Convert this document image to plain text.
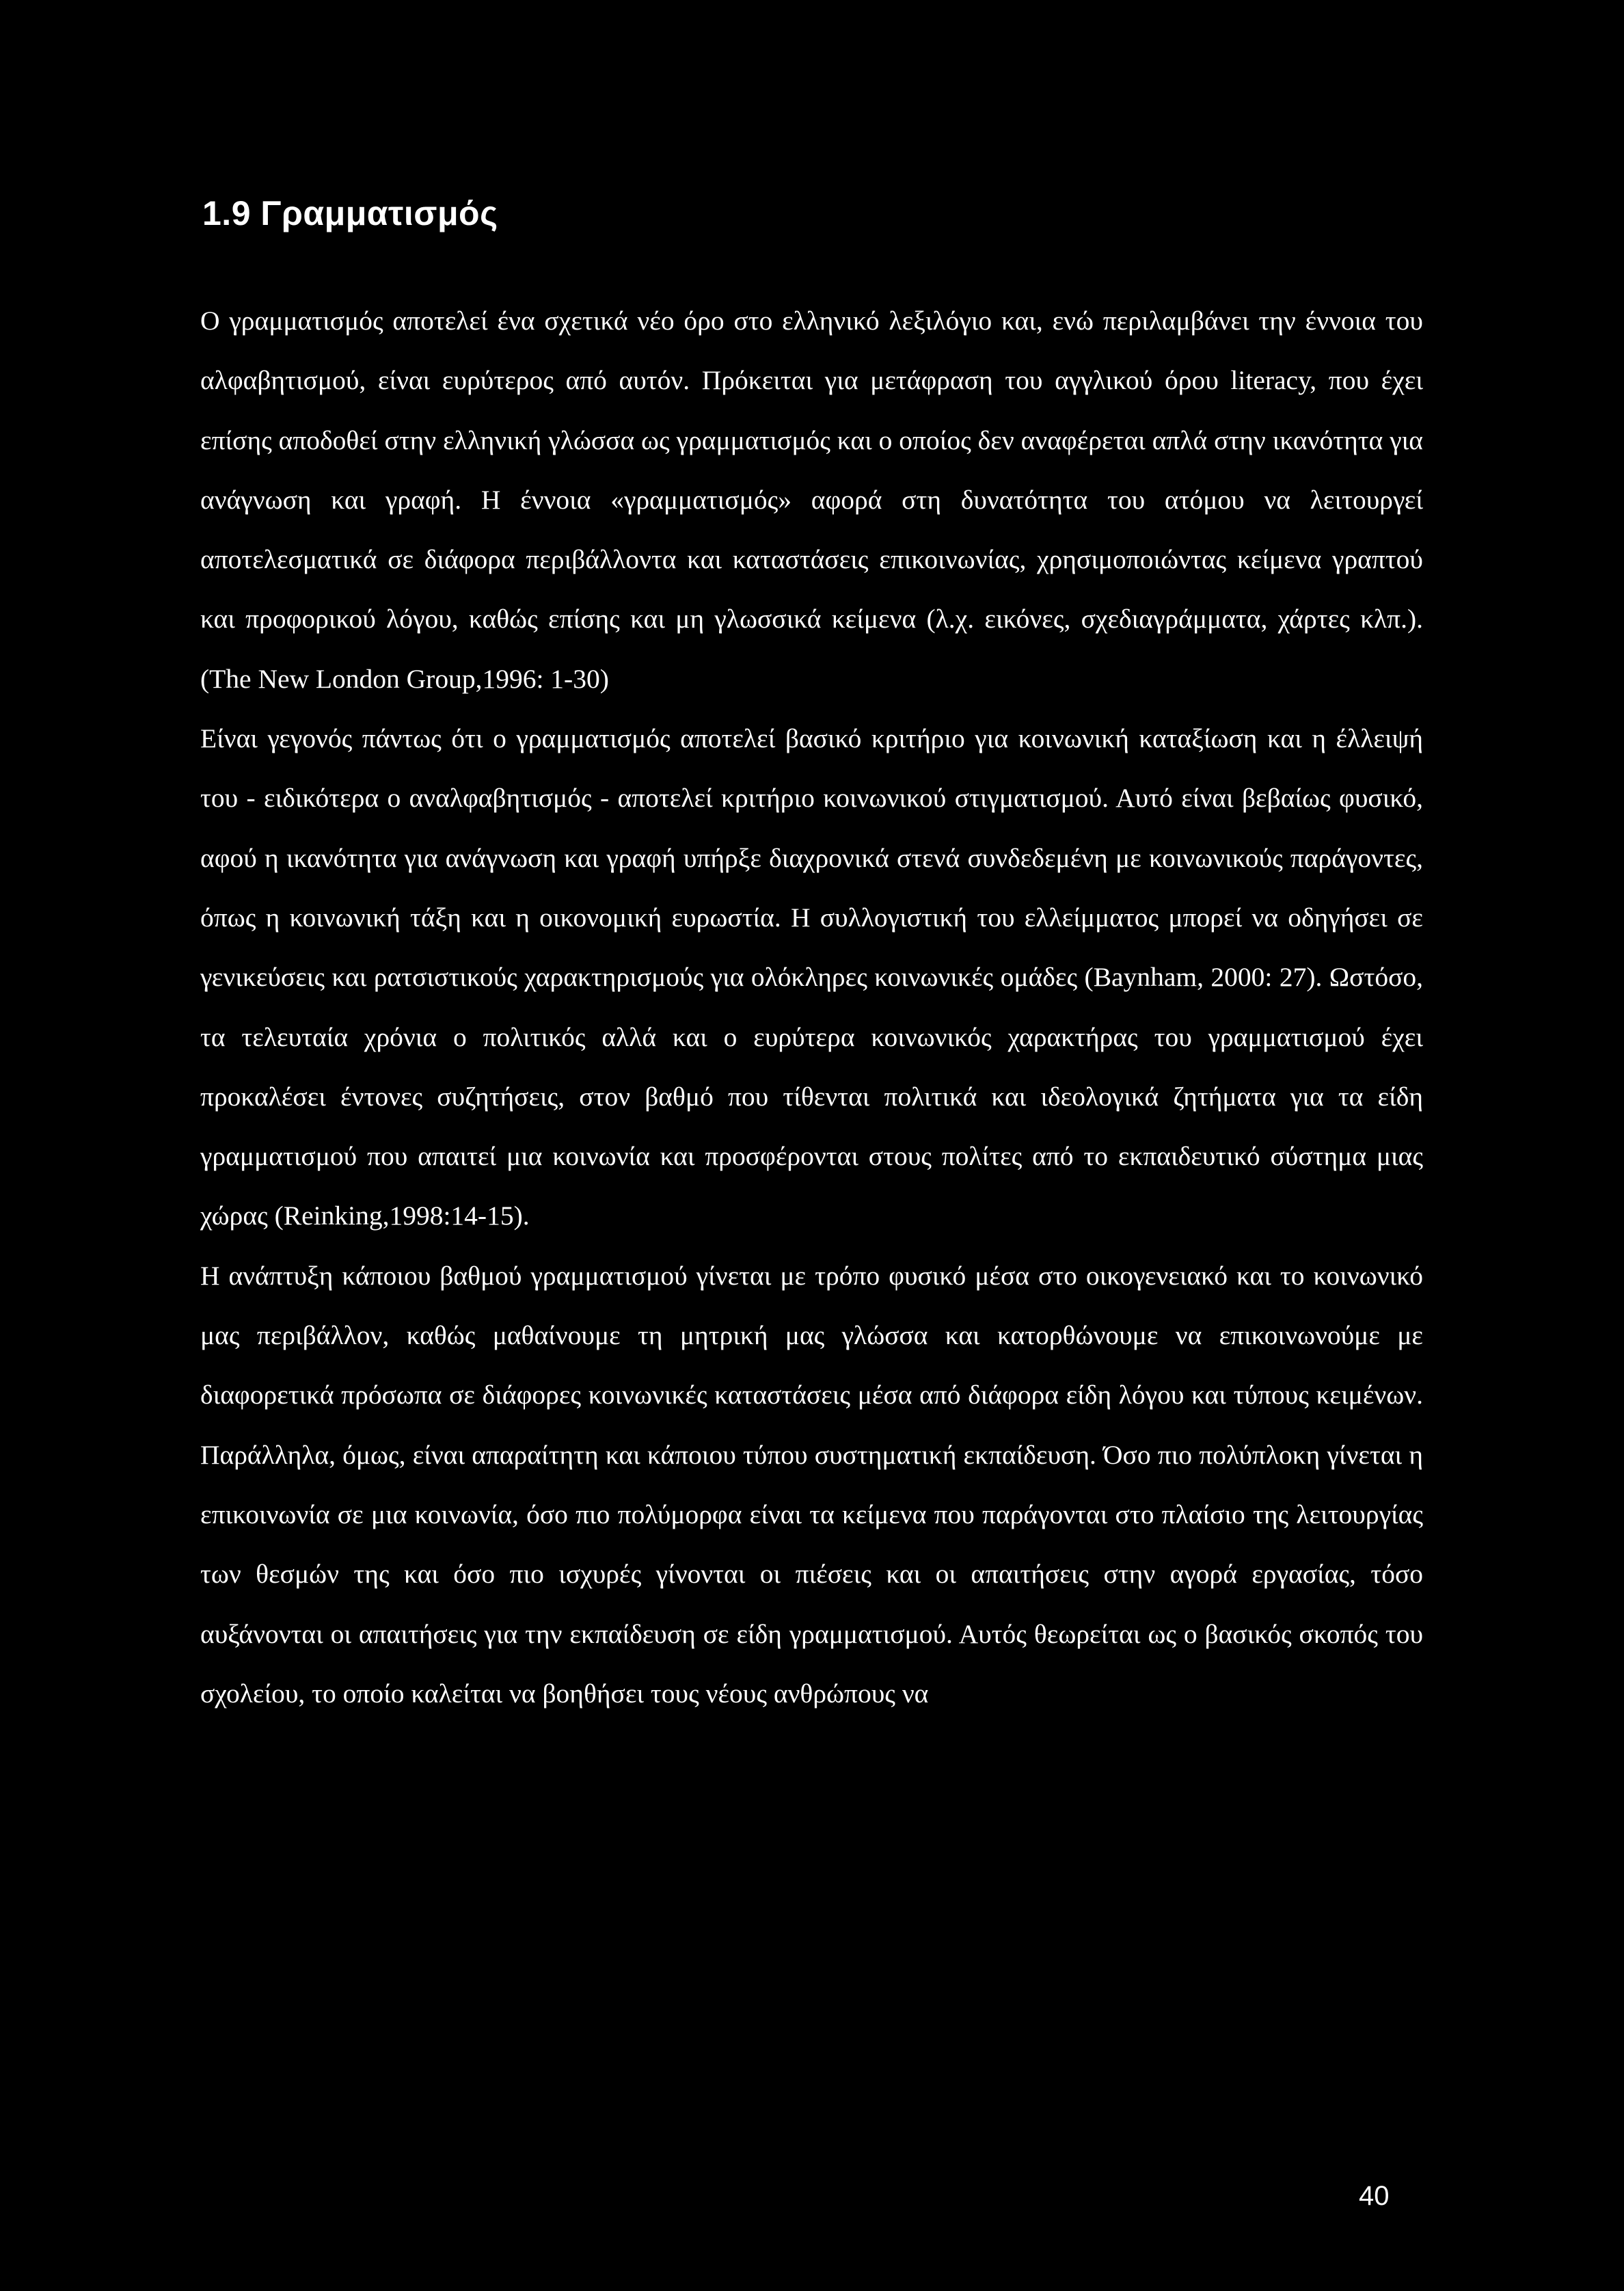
1.9 Γραμματισμός

Ο γραμματισμός αποτελεί ένα σχετικά νέο όρο στο ελληνικό λεξιλόγιο και, ενώ περιλαμβάνει την έννοια του αλφαβητισμού, είναι ευρύτερος από αυτόν. Πρόκειται για μετάφραση του αγγλικού όρου literacy, που έχει επίσης αποδοθεί στην ελληνική γλώσσα ως γραμματισμός και ο οποίος δεν αναφέρεται απλά στην ικανότητα για ανάγνωση και γραφή. Η έννοια «γραμματισμός» αφορά στη δυνατότητα του ατόμου να λειτουργεί αποτελεσματικά σε διάφορα περιβάλλοντα και καταστάσεις επικοινωνίας, χρησιμοποιώντας κείμενα γραπτού και προφορικού λόγου, καθώς επίσης και μη γλωσσικά κείμενα (λ.χ. εικόνες, σχεδιαγράμματα, χάρτες κλπ.). (The New London Group,1996: 1-30)

Είναι γεγονός πάντως ότι ο γραμματισμός αποτελεί βασικό κριτήριο για κοινωνική καταξίωση και η έλλειψή του - ειδικότερα ο αναλφαβητισμός - αποτελεί κριτήριο κοινωνικού στιγματισμού. Αυτό είναι βεβαίως φυσικό, αφού η ικανότητα για ανάγνωση και γραφή υπήρξε διαχρονικά στενά συνδεδεμένη με κοινωνικούς παράγοντες, όπως η κοινωνική τάξη και η οικονομική ευρωστία. Η συλλογιστική του ελλείμματος μπορεί να οδηγήσει σε γενικεύσεις και ρατσιστικούς χαρακτηρισμούς για ολόκληρες κοινωνικές ομάδες (Baynham, 2000: 27). Ωστόσο, τα τελευταία χρόνια ο πολιτικός αλλά και ο ευρύτερα κοινωνικός χαρακτήρας του γραμματισμού έχει προκαλέσει έντονες συζητήσεις, στον βαθμό που τίθενται πολιτικά και ιδεολογικά ζητήματα για τα είδη γραμματισμού που απαιτεί μια κοινωνία και προσφέρονται στους πολίτες από το εκπαιδευτικό σύστημα μιας χώρας (Reinking,1998:14-15).

Η ανάπτυξη κάποιου βαθμού γραμματισμού γίνεται με τρόπο φυσικό μέσα στο οικογενειακό και το κοινωνικό μας περιβάλλον, καθώς μαθαίνουμε τη μητρική μας γλώσσα και κατορθώνουμε να επικοινωνούμε με διαφορετικά πρόσωπα σε διάφορες κοινωνικές καταστάσεις μέσα από διάφορα είδη λόγου και τύπους κειμένων. Παράλληλα, όμως, είναι απαραίτητη και κάποιου τύπου συστηματική εκπαίδευση. Όσο πιο πολύπλοκη γίνεται η επικοινωνία σε μια κοινωνία, όσο πιο πολύμορφα είναι τα κείμενα που παράγονται στο πλαίσιο της λειτουργίας των θεσμών της και όσο πιο ισχυρές γίνονται οι πιέσεις και οι απαιτήσεις στην αγορά εργασίας, τόσο αυξάνονται οι απαιτήσεις για την εκπαίδευση σε είδη γραμματισμού. Αυτός θεωρείται ως ο βασικός σκοπός του σχολείου, το οποίο καλείται να βοηθήσει τους νέους ανθρώπους να

40
